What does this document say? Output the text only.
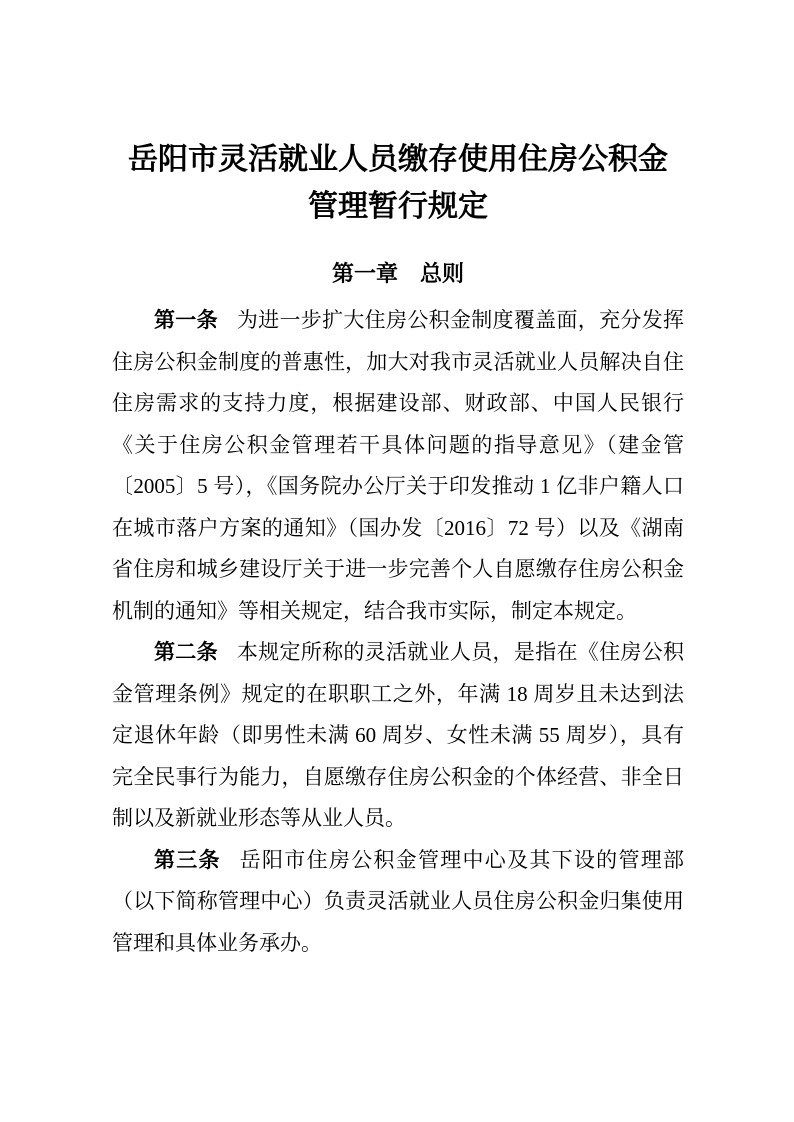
岳阳市灵活就业人员缴存使用住房公积金
管理暂行规定
第一章　总则

第一条 为进一步扩大住房公积金制度覆盖面，充分发挥住房公积金制度的普惠性，加大对我市灵活就业人员解决自住住房需求的支持力度，根据建设部、财政部、中国人民银行《关于住房公积金管理若干具体问题的指导意见》（建金管〔2005〕5 号），《国务院办公厅关于印发推动 1 亿非户籍人口在城市落户方案的通知》（国办发〔2016〕72 号）以及《湖南省住房和城乡建设厅关于进一步完善个人自愿缴存住房公积金机制的通知》等相关规定，结合我市实际，制定本规定。

第二条 本规定所称的灵活就业人员，是指在《住房公积金管理条例》规定的在职职工之外，年满 18 周岁且未达到法定退休年龄（即男性未满 60 周岁、女性未满 55 周岁），具有完全民事行为能力，自愿缴存住房公积金的个体经营、非全日制以及新就业形态等从业人员。

第三条 岳阳市住房公积金管理中心及其下设的管理部（以下简称管理中心）负责灵活就业人员住房公积金归集使用管理和具体业务承办。
